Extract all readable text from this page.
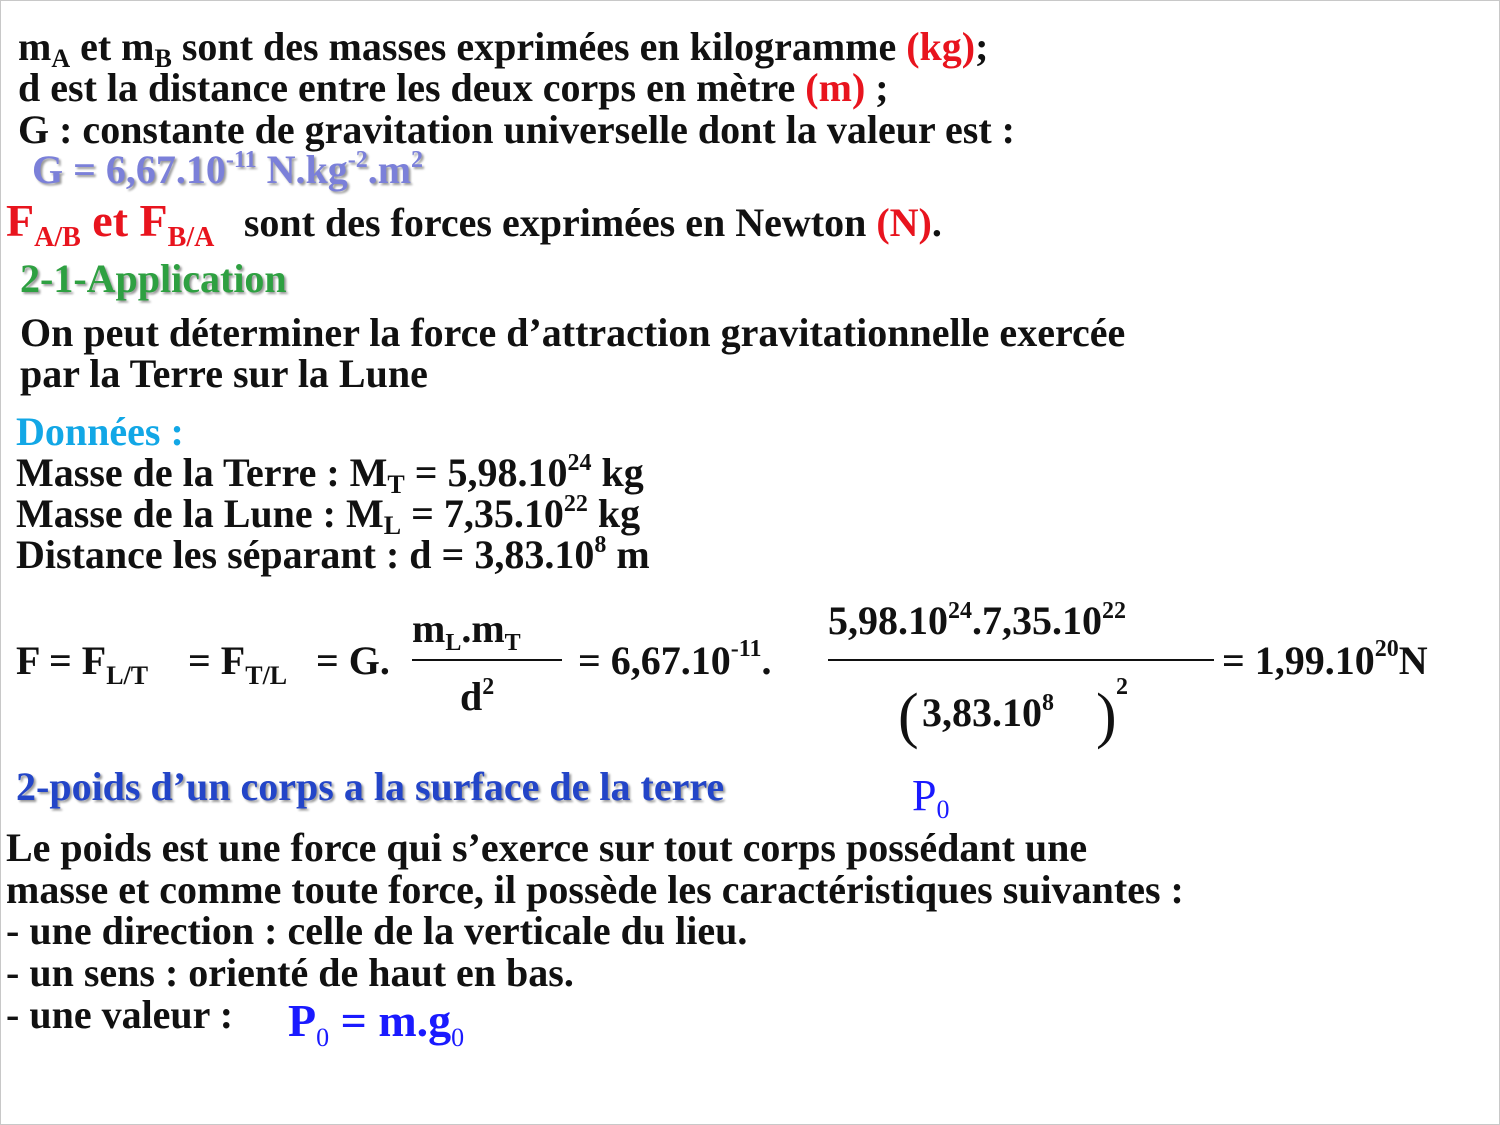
$m_A$ et $m_B$ sont des masses exprimées en kilogramme (kg);
d est la distance entre les deux corps en mètre (m) ;
G : constante de gravitation universelle dont la valeur est :
$G = 6,67.10^{-11}$ $N.kg^{-2}.m^2$
$F_{A/B}$ et $F_{B/A}$ sont des forces exprimées en Newton (N).
2-1-Application
On peut déterminer la force d’attraction gravitationnelle exercée
par la Terre sur la Lune
Données :
Masse de la Terre : $M_T = 5,98.10^{24}$ kg
Masse de la Lune : $M_L = 7,35.10^{22}$ kg
Distance les séparant : $d = 3,83.10^8$ m
$F = F_{L/T} = F_{T/L} = G$.
$m_L.m_T$
$d^2$
= $6,67.10^{-11}$.
5,98.10$^{24}$.7,35.10$^{22}$
( 3,83.10$^8$ ) 2
= $1,99.10^{20}N$
2-poids d’un corps a la surface de la terre	$P_0$
Le poids est une force qui s’exerce sur tout corps possédant une
masse et comme toute force, il possède les caractéristiques suivantes :
- une direction : celle de la verticale du lieu.
- un sens : orienté de haut en bas.
- une valeur : $P_0 = m.g_0$
